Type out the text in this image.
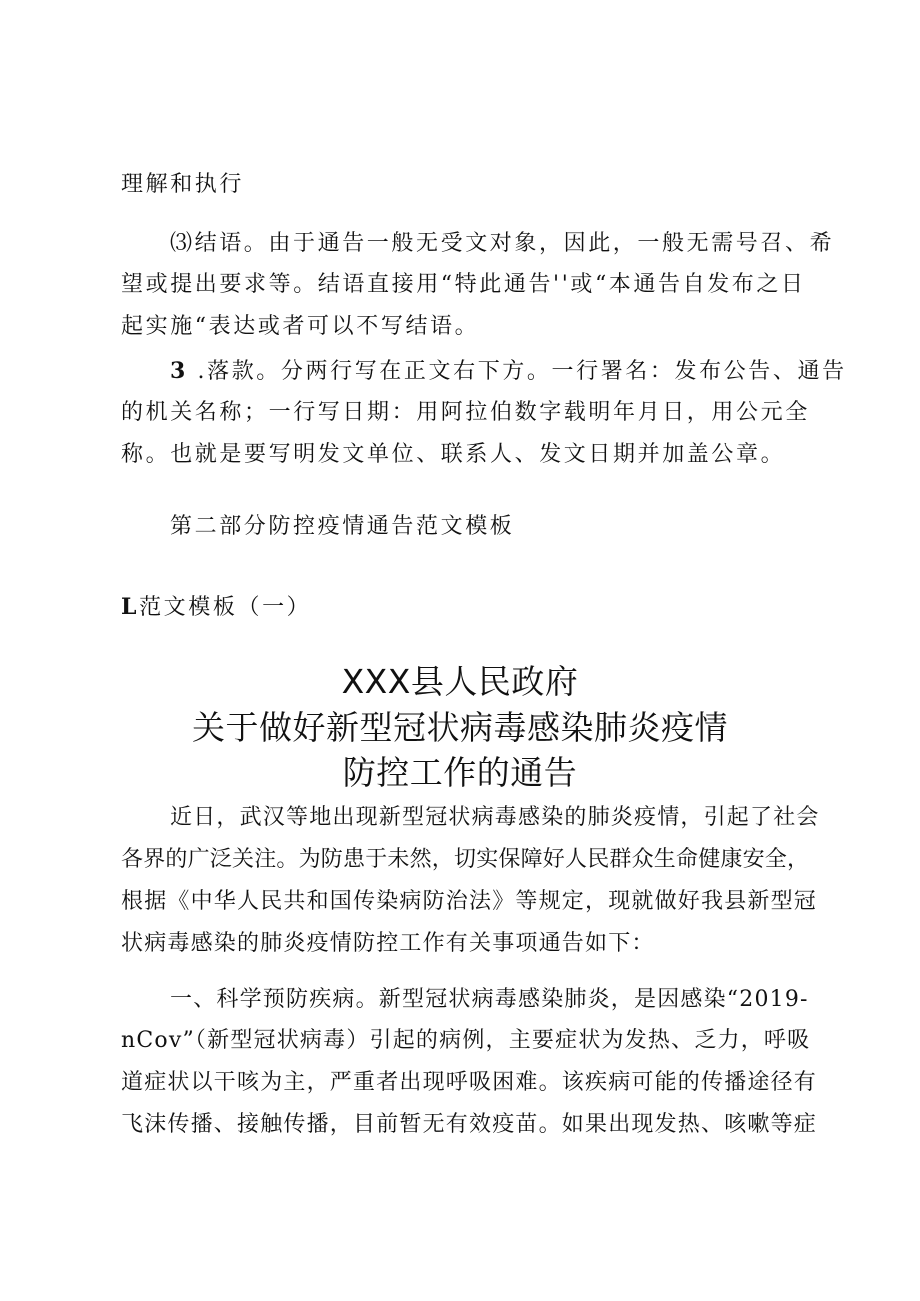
理解和执行
⑶结语。由于通告一般无受文对象，因此，一般无需号召、希
望或提出要求等。结语直接用“特此通告''或“本通告自发布之日
起实施“表达或者可以不写结语。
3 .落款。分两行写在正文右下方。一行署名：发布公告、通告
的机关名称；一行写日期：用阿拉伯数字载明年月日，用公元全
称。也就是要写明发文单位、联系人、发文日期并加盖公章。
第二部分防控疫情通告范文模板
L范文模板（一）
XXX县人民政府
关于做好新型冠状病毒感染肺炎疫情
防控工作的通告
近日，武汉等地出现新型冠状病毒感染的肺炎疫情，引起了社会
各界的广泛关注。为防患于未然，切实保障好人民群众生命健康安全，
根据《中华人民共和国传染病防治法》等规定，现就做好我县新型冠
状病毒感染的肺炎疫情防控工作有关事项通告如下：
一、科学预防疾病。新型冠状病毒感染肺炎，是因感染“2019-
nCov”（新型冠状病毒）引起的病例，主要症状为发热、乏力，呼吸
道症状以干咳为主，严重者出现呼吸困难。该疾病可能的传播途径有
飞沫传播、接触传播，目前暂无有效疫苗。如果出现发热、咳嗽等症
